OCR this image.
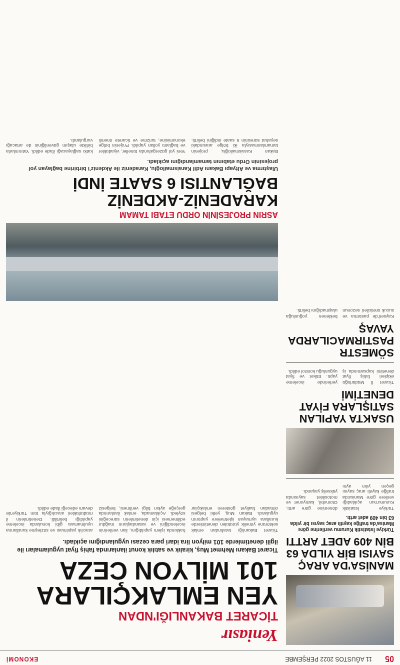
05
11 AĞUSTOS 2022 PERŞEMBE
EKONOMİ
MANİSA'DA ARAÇ SAYISI BİR YILDA 63 BİN 409 ADET ARTTI
Türkiye İstatistik Kurumu verilerine göre Manisa'da trafiğe kayıtlı araç sayısı bir yılda 63 bin 409 adet arttı.

Türkiye İstatistik Kurumu'nun açıkladığı verilere göre Manisa'da trafiğe kayıtlı araç sayısı geçen yılın aynı dönemine göre arttı. Otomobil, kamyonet ve motosiklet sayısında yükseliş yaşandı.

USAKTA YAPILAN SATIŞLARA FİYAT DENETİMİ

Ticaret İl Müdürlüğü ekipleri fahiş fiyat denetimi kapsamında iş yerlerinde inceleme yaptı. Etiket ve fiyat uygunluğu kontrol edildi.

SÖMESTR PASTIRMACILARDA YAVAŞ

Kayseri'de pastırma ve sucuk üreticileri sezonun beklenen yoğunluğa ulaşmadığını belirtti.

Yeniasır
TİCARET BAKANLIĞI'NDAN
YEN EMLAKÇILARA 101 MİLYON CEZA
Ticaret Bakanı Mehmet Muş, kiralık ve satılık konut ilanlarında fahiş fiyat uygulamaları ile ilgili denetimlerde 101 milyon lira idari para cezası uygulandığını açıkladı.

Ticaret Bakanlığı tarafından emlak sektörüne yönelik yürütülen denetimlerde kurallara uymayan işletmelere yaptırım uygulandı. Bakan Muş, yetki belgesi olmadan faaliyet gösteren emlakçılar hakkında işlem yapıldığını, ilan verilerinin incelendiğini ve vatandaşların mağdur edilmemesi için denetimlerin süreceğini söyledi. Açıklamada, emlak ilanlarında gerçeğe aykırı bilgi verilmesi, belgesiz aracılık yapılması ve sözleşme kurallarına uyulmaması gibi konularda inceleme yapıldığı belirtildi. Denetimlerin il müdürlükleri aracılığıyla tüm Türkiye'de devam edeceği ifade edildi.

ASRIN PROJESİNİN ORDU ETABI TAMAM
KARADENİZ-AKDENİZ BAĞLANTISI 6 SAATE İNDİ
Ulaştırma ve Altyapı Bakanı Adil Karaismailoğlu, Karadeniz ile Akdeniz'i birbirine bağlayan yol projesinin Ordu etabının tamamlandığını açıkladı.

Bakan Karaismailoğlu, projenin tamamlanmasıyla iki bölge arasındaki seyahat süresinin 6 saate indiğini belirtti. Yeni yol güzergahında tüneller, viyadükler ve bağlantı yolları yapıldı. Projenin bölge ekonomisine, turizme ve ticarete önemli katkı sağlayacağı ifade edildi. Yatırımlarla birlikte ulaşım güvenliğinin de artacağı vurgulandı.
